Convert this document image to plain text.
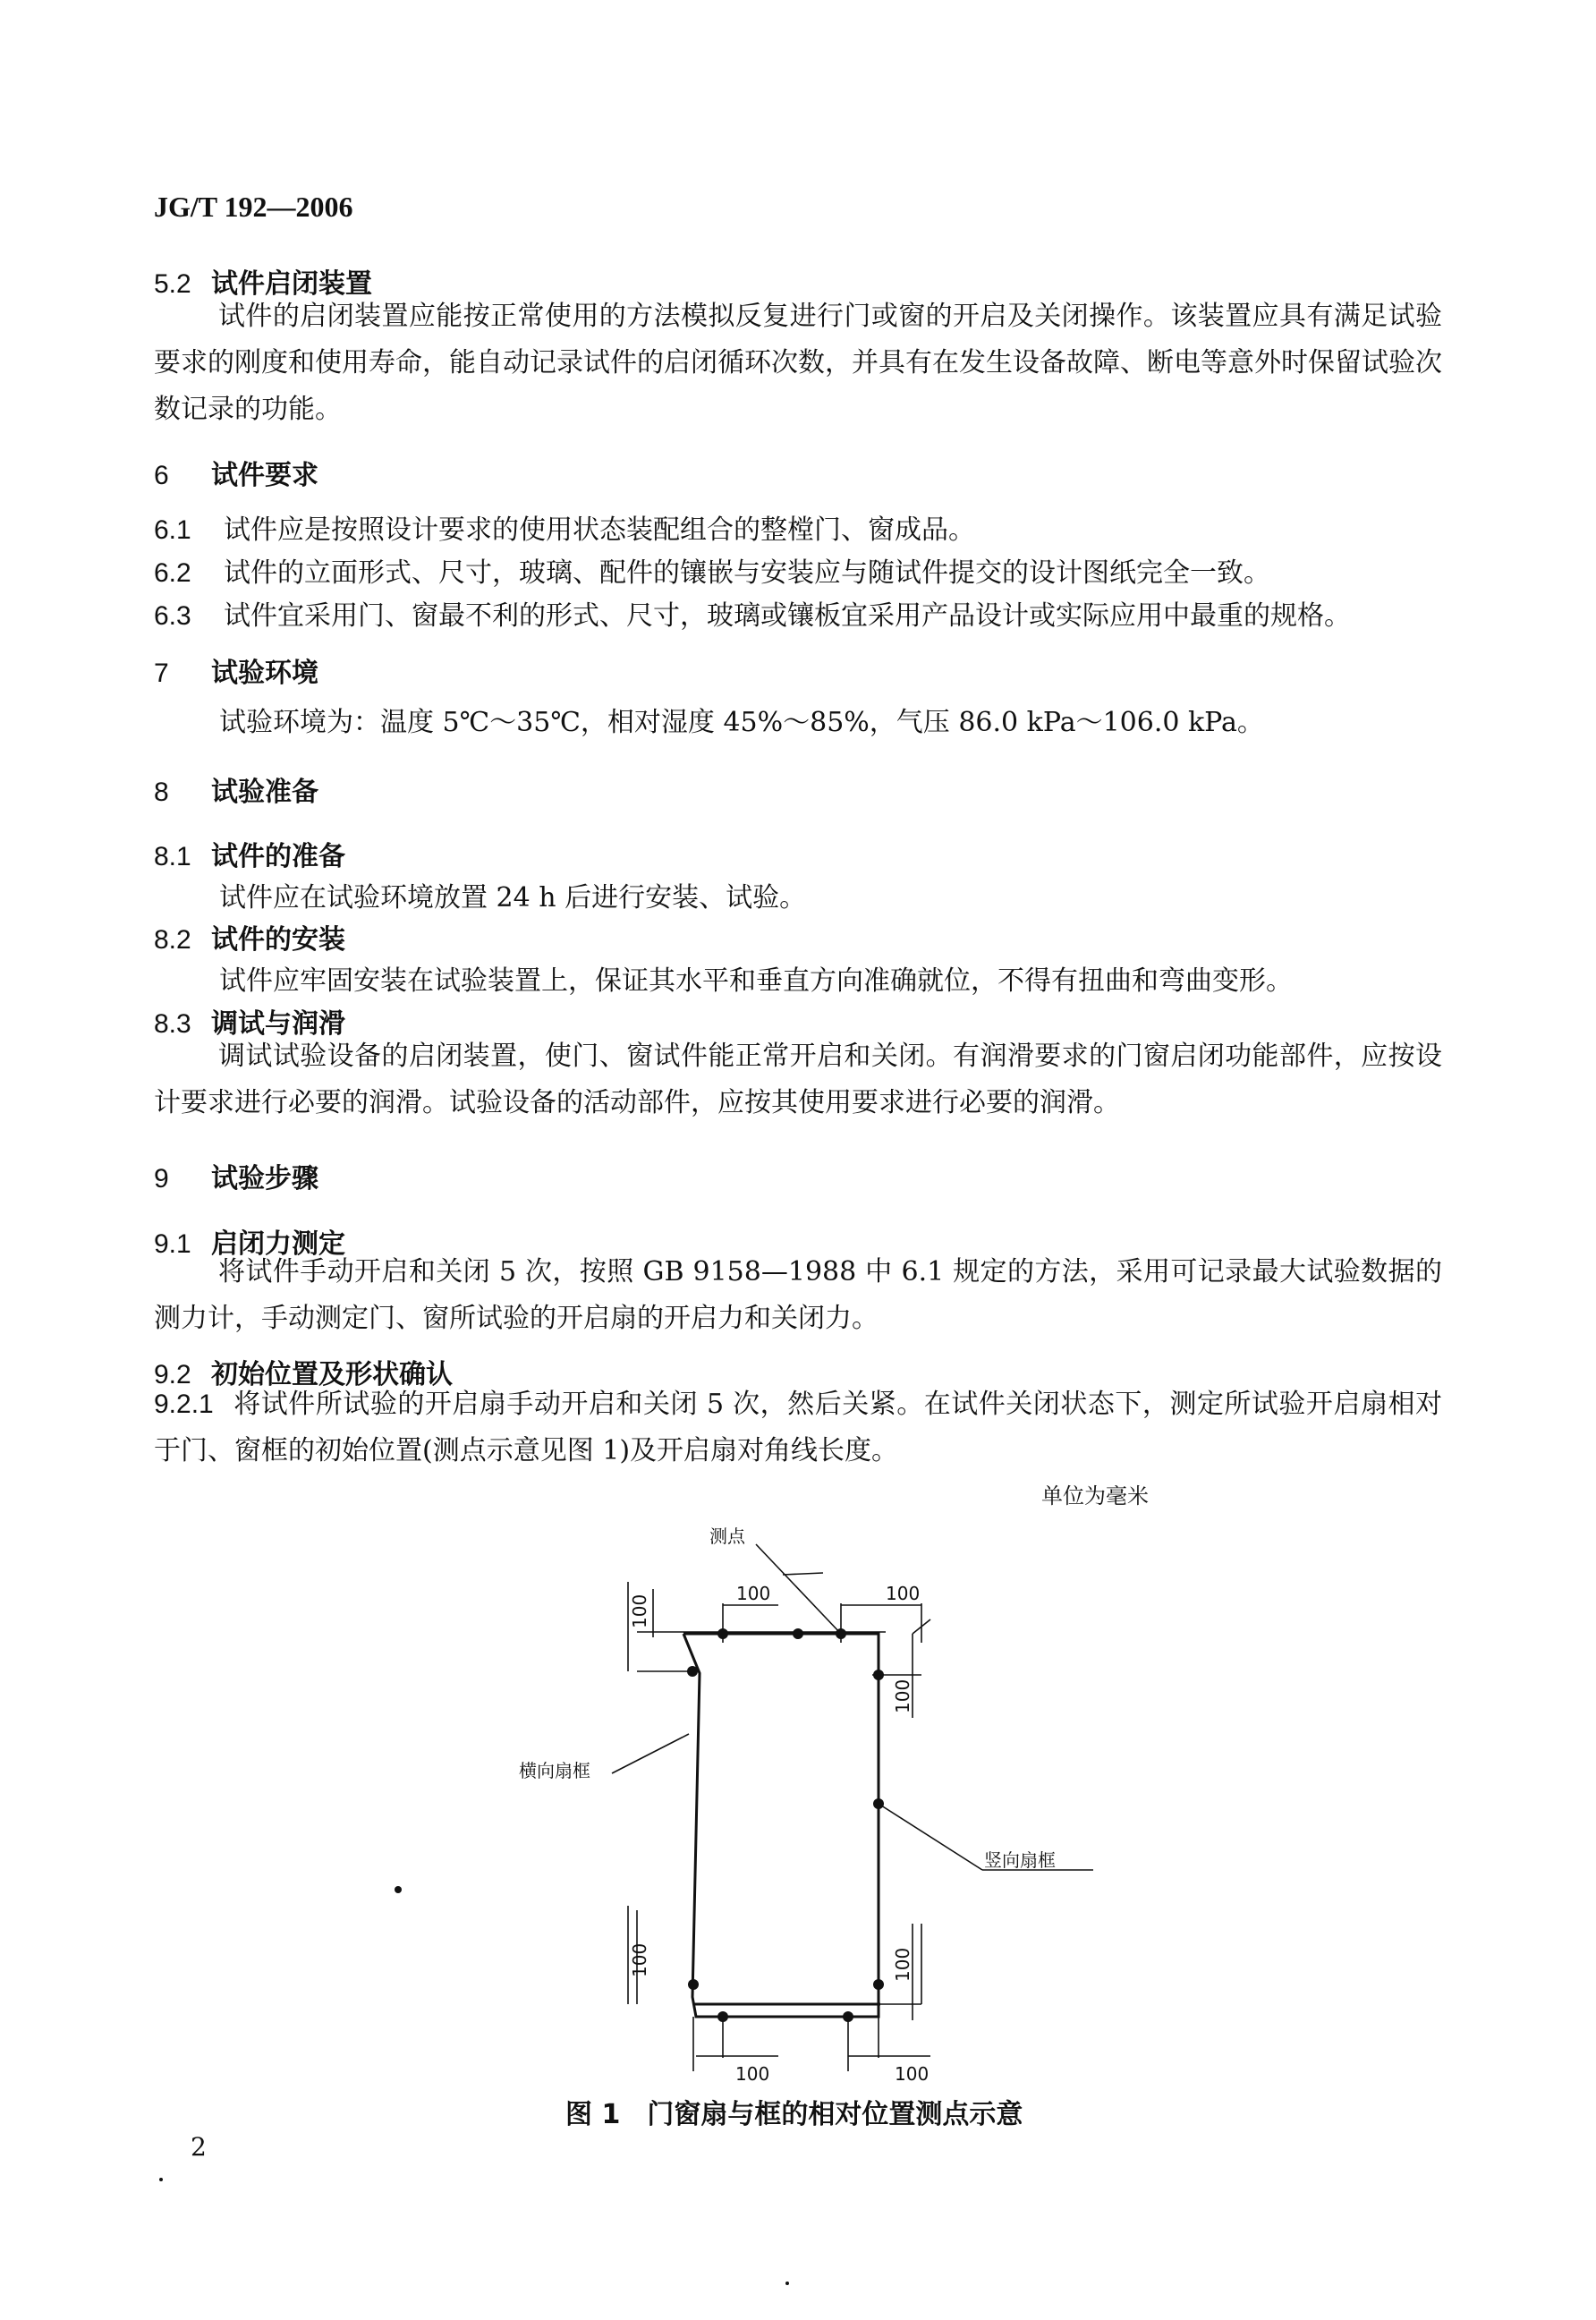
JG/T 192—2006
5.2 试件启闭装置
试件的启闭装置应能按正常使用的方法模拟反复进行门或窗的开启及关闭操作。该装置应具有满足试验要求的刚度和使用寿命，能自动记录试件的启闭循环次数，并具有在发生设备故障、断电等意外时保留试验次数记录的功能。
6 试件要求
6.1 试件应是按照设计要求的使用状态装配组合的整樘门、窗成品。
6.2 试件的立面形式、尺寸，玻璃、配件的镶嵌与安装应与随试件提交的设计图纸完全一致。
6.3 试件宜采用门、窗最不利的形式、尺寸，玻璃或镶板宜采用产品设计或实际应用中最重的规格。
7 试验环境
试验环境为：温度 5℃～35℃，相对湿度 45%～85%，气压 86.0 kPa～106.0 kPa。
8 试验准备
8.1 试件的准备
试件应在试验环境放置 24 h 后进行安装、试验。
8.2 试件的安装
试件应牢固安装在试验装置上，保证其水平和垂直方向准确就位，不得有扭曲和弯曲变形。
8.3 调试与润滑
调试试验设备的启闭装置，使门、窗试件能正常开启和关闭。有润滑要求的门窗启闭功能部件，应按设计要求进行必要的润滑。试验设备的活动部件，应按其使用要求进行必要的润滑。
9 试验步骤
9.1 启闭力测定
将试件手动开启和关闭 5 次，按照 GB 9158—1988 中 6.1 规定的方法，采用可记录最大试验数据的测力计，手动测定门、窗所试验的开启扇的开启力和关闭力。
9.2 初始位置及形状确认
9.2.1 将试件所试验的开启扇手动开启和关闭 5 次，然后关紧。在试件关闭状态下，测定所试验开启扇相对于门、窗框的初始位置(测点示意见图 1)及开启扇对角线长度。
单位为毫米
测点
横向扇框
竖向扇框
100	100
100	100
100
100
100	100
图 1　门窗扇与框的相对位置测点示意
2
